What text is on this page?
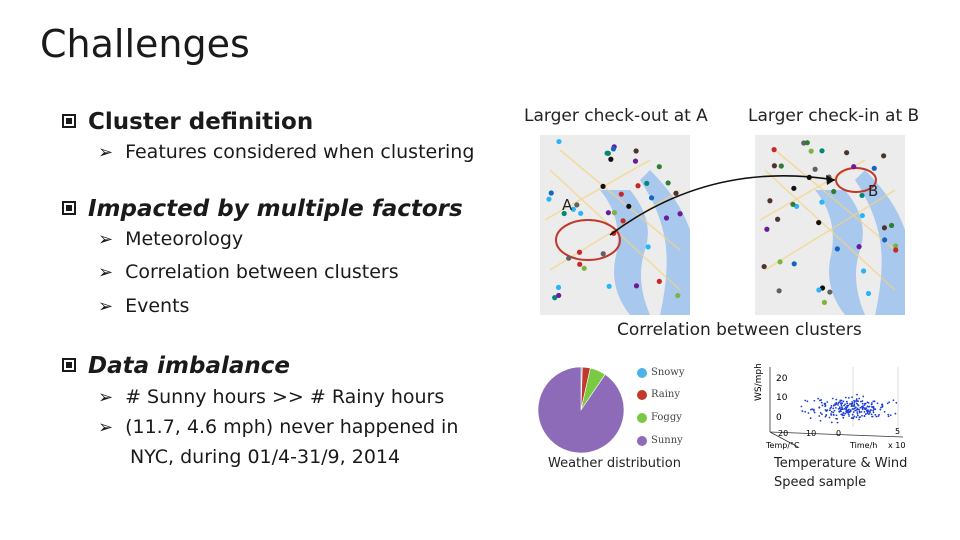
Challenges
Cluster definition
➢ Features considered when clustering
Impacted by multiple factors
➢ Meteorology
➢ Correlation between clusters
➢ Events
Data imbalance
➢ # Sunny hours >> # Rainy hours
➢ (11.7, 4.6 mph) never happened in
NYC, during 01/4-31/9, 2014
Larger check-out at A Larger check-in at B
A
B
Correlation between clusters
Snowy
Rainy
Foggy
Sunny
Weather distribution
WS/mph 20
10
0
20 10 0	5
Temp/°C	Time/h x 10
Temperature & Wind
Speed sample
